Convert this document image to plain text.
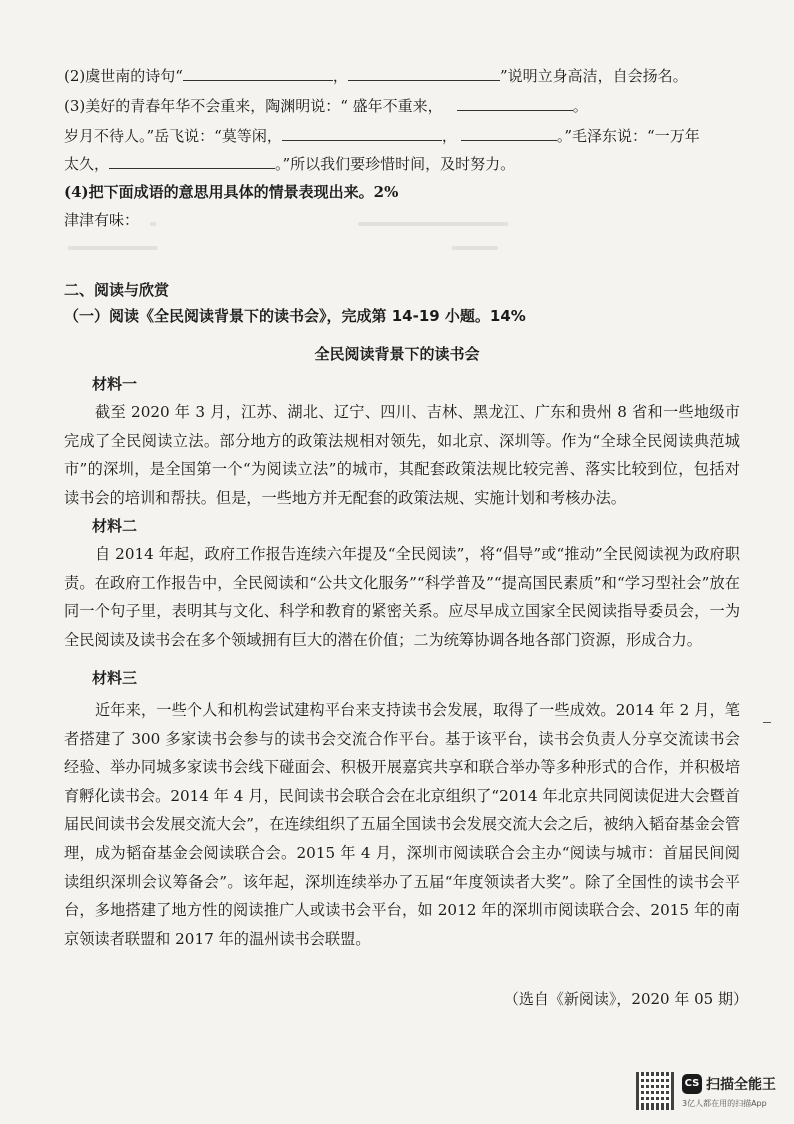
(2)虞世南的诗句“	，	”说明立身高洁，自会扬名。
(3)美好的青春年华不会重来，陶渊明说：“ 盛年不重来，	。
岁月不待人。”岳飞说：“莫等闲，	，	。”毛泽东说：“一万年
太久，	。”所以我们要珍惜时间，及时努力。
(4)把下面成语的意思用具体的情景表现出来。2%
津津有味：
二、阅读与欣赏
（一）阅读《全民阅读背景下的读书会》，完成第 14-19 小题。14%
全民阅读背景下的读书会
材料一
截至 2020 年 3 月，江苏、湖北、辽宁、四川、吉林、黑龙江、广东和贵州 8 省和一些地级市完成了全民阅读立法。部分地方的政策法规相对领先，如北京、深圳等。作为“全球全民阅读典范城市”的深圳，是全国第一个“为阅读立法”的城市，其配套政策法规比较完善、落实比较到位，包括对读书会的培训和帮扶。但是，一些地方并无配套的政策法规、实施计划和考核办法。
材料二
自 2014 年起，政府工作报告连续六年提及“全民阅读”，将“倡导”或“推动”全民阅读视为政府职责。在政府工作报告中，全民阅读和“公共文化服务”“科学普及”“提高国民素质”和“学习型社会”放在同一个句子里，表明其与文化、科学和教育的紧密关系。应尽早成立国家全民阅读指导委员会，一为全民阅读及读书会在多个领域拥有巨大的潜在价值；二为统筹协调各地各部门资源，形成合力。
材料三
近年来，一些个人和机构尝试建构平台来支持读书会发展，取得了一些成效。2014 年 2 月，笔者搭建了 300 多家读书会参与的读书会交流合作平台。基于该平台，读书会负责人分享交流读书会经验、举办同城多家读书会线下碰面会、积极开展嘉宾共享和联合举办等多种形式的合作，并积极培育孵化读书会。2014 年 4 月，民间读书会联合会在北京组织了“2014 年北京共同阅读促进大会暨首届民间读书会发展交流大会”，在连续组织了五届全国读书会发展交流大会之后，被纳入韬奋基金会管理，成为韬奋基金会阅读联合会。2015 年 4 月，深圳市阅读联合会主办“阅读与城市：首届民间阅读组织深圳会议筹备会”。该年起，深圳连续举办了五届“年度领读者大奖”。除了全国性的读书会平台，多地搭建了地方性的阅读推广人或读书会平台，如 2012 年的深圳市阅读联合会、2015 年的南京领读者联盟和 2017 年的温州读书会联盟。
（选自《新阅读》，2020 年 05 期）
CS 扫描全能王
3亿人都在用的扫描App
